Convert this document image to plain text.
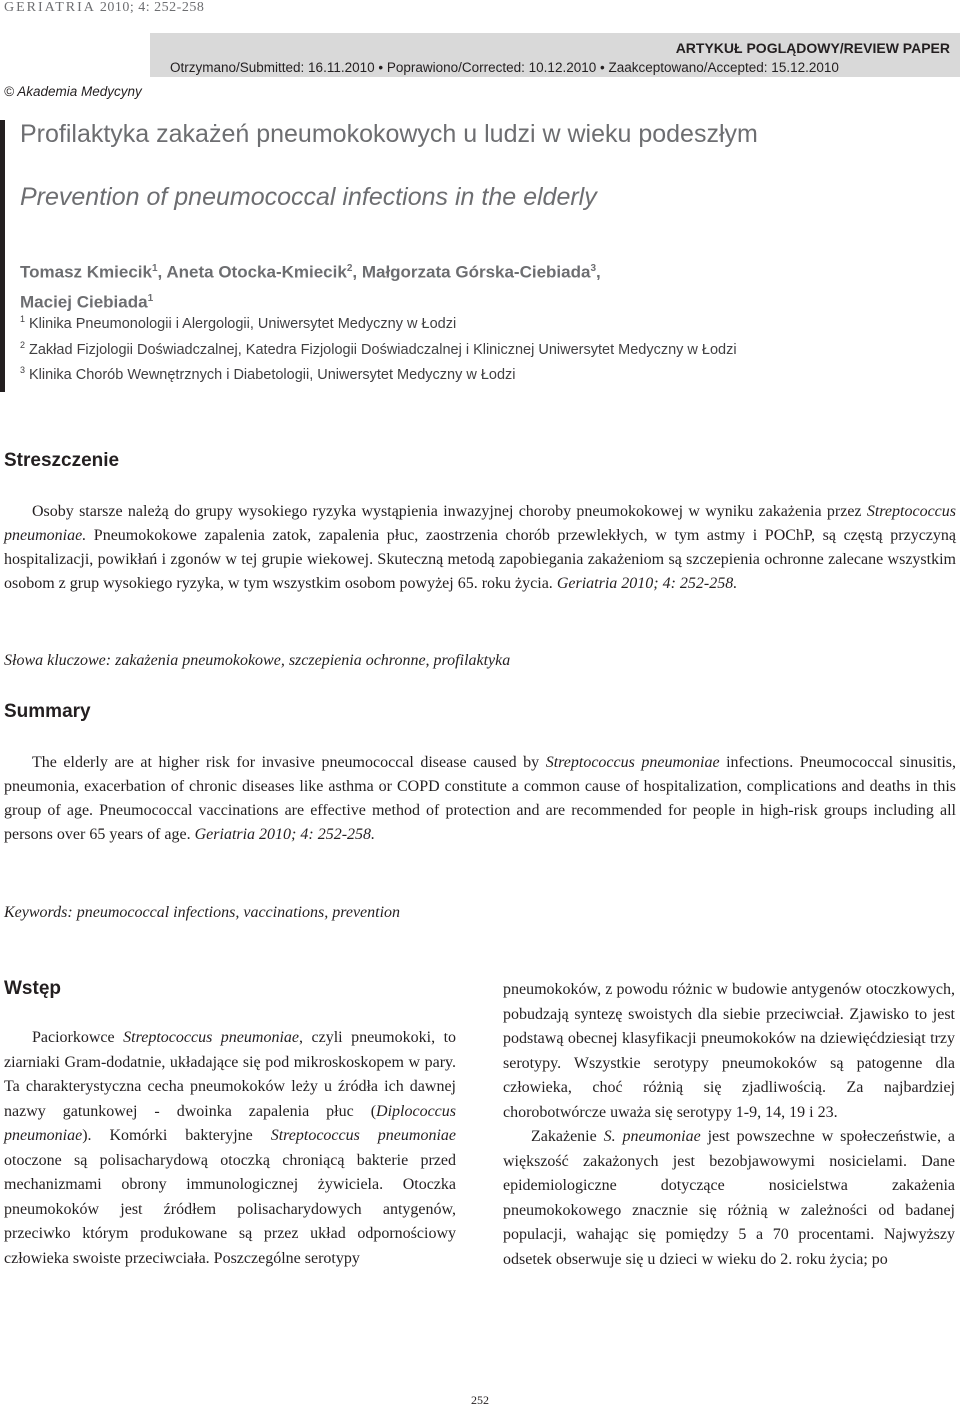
GERIATRIA 2010; 4: 252-258
ARTYKUŁ POGLĄDOWY/REVIEW PAPER
Otrzymano/Submitted: 16.11.2010 • Poprawiono/Corrected: 10.12.2010 • Zaakceptowano/Accepted: 15.12.2010
© Akademia Medycyny
Profilaktyka zakażeń pneumokokowych u ludzi w wieku podeszłym
Prevention of pneumococcal infections in the elderly
Tomasz Kmiecik$^1$, Aneta Otocka-Kmiecik$^2$, Małgorzata Górska-Ciebiada$^3$,
Maciej Ciebiada$^1$
$^1$ Klinika Pneumonologii i Alergologii, Uniwersytet Medyczny w Łodzi
$^2$ Zakład Fizjologii Doświadczalnej, Katedra Fizjologii Doświadczalnej i Klinicznej Uniwersytet Medyczny w Łodzi
$^3$ Klinika Chorób Wewnętrznych i Diabetologii, Uniwersytet Medyczny w Łodzi
Streszczenie
Osoby starsze należą do grupy wysokiego ryzyka wystąpienia inwazyjnej choroby pneumokokowej w wyniku zakażenia przez Streptococcus pneumoniae. Pneumokokowe zapalenia zatok, zapalenia płuc, zaostrzenia chorób przewlekłych, w tym astmy i POChP, są częstą przyczyną hospitalizacji, powikłań i zgonów w tej grupie wiekowej. Skuteczną metodą zapobiegania zakażeniom są szczepienia ochronne zalecane wszystkim osobom z grup wysokiego ryzyka, w tym wszystkim osobom powyżej 65. roku życia. Geriatria 2010; 4: 252-258.
Słowa kluczowe: zakażenia pneumokokowe, szczepienia ochronne, profilaktyka
Summary
The elderly are at higher risk for invasive pneumococcal disease caused by Streptococcus pneumoniae infections. Pneumococcal sinusitis, pneumonia, exacerbation of chronic diseases like asthma or COPD constitute a common cause of hospitalization, complications and deaths in this group of age. Pneumococcal vaccinations are effective method of protection and are recommended for people in high-risk groups including all persons over 65 years of age. Geriatria 2010; 4: 252-258.
Keywords: pneumococcal infections, vaccinations, prevention
Wstęp

Paciorkowce Streptococcus pneumoniae, czyli pneumokoki, to ziarniaki Gram-dodatnie, układające się pod mikroskoskopem w pary. Ta charakterystyczna cecha pneumokoków leży u źródła ich dawnej nazwy gatunkowej - dwoinka zapalenia płuc (Diplococcus pneumoniae). Komórki bakteryjne Streptococcus pneumoniae otoczone są polisacharydową otoczką chroniącą bakterie przed mechanizmami obrony immunologicznej żywiciela. Otoczka pneumokoków jest źródłem polisacharydowych antygenów, przeciwko którym produkowane są przez układ odpornościowy człowieka swoiste przeciwciała. Poszczególne serotypy

pneumokoków, z powodu różnic w budowie antygenów otoczkowych, pobudzają syntezę swoistych dla siebie przeciwciał. Zjawisko to jest podstawą obecnej klasyfikacji pneumokoków na dziewięćdziesiąt trzy serotypy. Wszystkie serotypy pneumokoków są patogenne dla człowieka, choć różnią się zjadliwością. Za najbardziej chorobotwórcze uważa się serotypy 1-9, 14, 19 i 23.

Zakażenie S. pneumoniae jest powszechne w społeczeństwie, a większość zakażonych jest bezobjawowymi nosicielami. Dane epidemiologiczne dotyczące nosicielstwa zakażenia pneumokokowego znacznie się różnią w zależności od badanej populacji, wahając się pomiędzy 5 a 70 procentami. Najwyższy odsetek obserwuje się u dzieci w wieku do 2. roku życia; po

252
